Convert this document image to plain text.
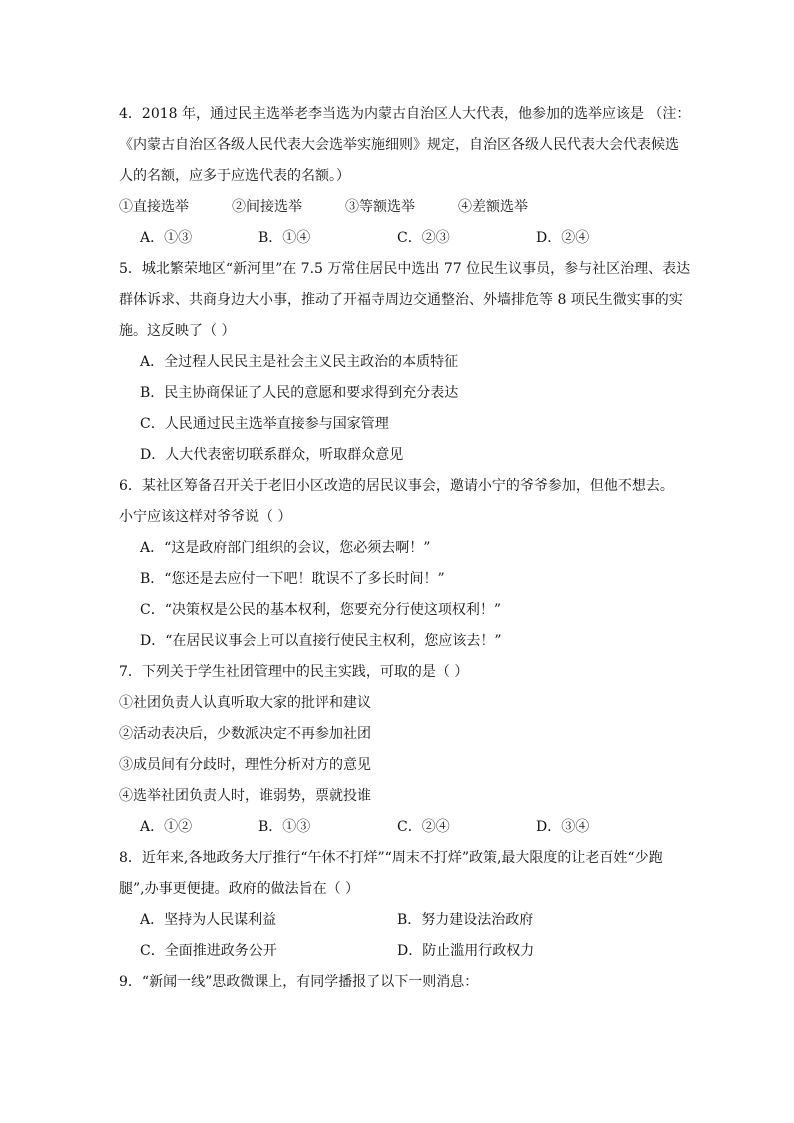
4．2018 年，通过民主选举老李当选为内蒙古自治区人大代表，他参加的选举应该是 （注：
《内蒙古自治区各级人民代表大会选举实施细则》规定，自治区各级人民代表大会代表候选
人的名额，应多于应选代表的名额。）
①直接选举	②间接选举	③等额选举	④差额选举
A．①③	B．①④	C．②③	D．②④
5．城北繁荣地区“新河里”在 7.5 万常住居民中选出 77 位民生议事员，参与社区治理、表达
群体诉求、共商身边大小事，推动了开福寺周边交通整治、外墙排危等 8 项民生微实事的实
施。这反映了（ ）
A．全过程人民民主是社会主义民主政治的本质特征
B．民主协商保证了人民的意愿和要求得到充分表达
C．人民通过民主选举直接参与国家管理
D．人大代表密切联系群众，听取群众意见
6．某社区筹备召开关于老旧小区改造的居民议事会，邀请小宁的爷爷参加，但他不想去。
小宁应该这样对爷爷说（ ）
A．“这是政府部门组织的会议，您必须去啊！”
B．“您还是去应付一下吧！耽误不了多长时间！”
C．“决策权是公民的基本权利，您要充分行使这项权利！”
D．“在居民议事会上可以直接行使民主权利，您应该去！”
7．下列关于学生社团管理中的民主实践，可取的是（ ）
①社团负责人认真听取大家的批评和建议
②活动表决后，少数派决定不再参加社团
③成员间有分歧时，理性分析对方的意见
④选举社团负责人时，谁弱势，票就投谁
A．①②	B．①③	C．②④	D．③④
8．近年来,各地政务大厅推行“午休不打烊”“周末不打烊”政策,最大限度的让老百姓“少跑
腿”,办事更便捷。政府的做法旨在（ ）
A．坚持为人民谋利益	B．努力建设法治政府
C．全面推进政务公开	D．防止滥用行政权力
9．“新闻一线”思政微课上，有同学播报了以下一则消息：
